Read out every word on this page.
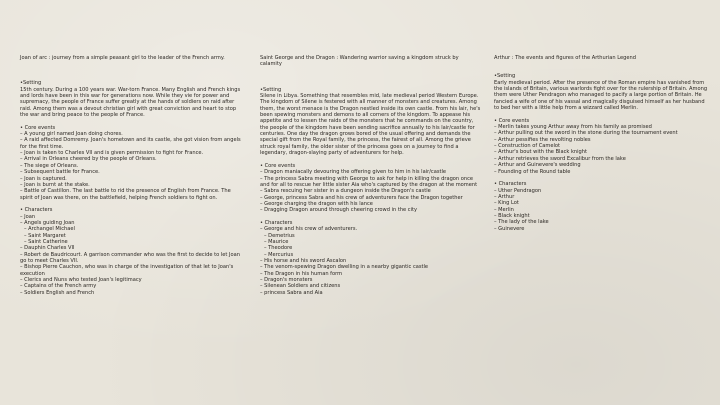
Joan of arc : journey from a simple peasant girl to the leader of the French army.
•Setting
15th century. During a 100 years war. War-torn France. Many English and French kings and lords have been in this war for generations now. While they vie for power and supremacy, the people of France suffer greatly at the hands of soldiers on raid after raid. Among them was a devout christian girl with great conviction and heart to stop the war and bring peace to the people of France.
• Core events
– A young girl named Joan doing chores.
– A raid affected Domremy. Joan's hometown and its castle, she got vision from angels for the first time.
– Joan is taken to Charles VII and is given permission to fight for France.
– Arrival in Orleans cheered by the people of Orleans.
– The siege of Orleans.
– Subsequent battle for France.
– Joan is captured.
– Joan is burnt at the stake.
– Battle of Castillon. The last battle to rid the presence of English from France. The spirit of Joan was there, on the battlefield, helping French soldiers to fight on.
• Characters
– Joan
– Angels guiding Joan
– Archangel Michael
– Saint Margaret
– Saint Catherine
– Dauphin Charles VII
– Robert de Baudricourt. A garrison commander who was the first to decide to let Joan go to meet Charles VII.
– Bishop Pierre Cauchon, who was in charge of the investigation of that let to Joan's execution
– Clerics and Nuns who tested Joan's legitimacy
– Captains of the French army
– Soldiers English and French
Saint George and the Dragon : Wandering warrior saving a kingdom struck by calamity
•Setting
Silene in Libya. Something that resembles mid, late medieval period Western Europe. The kingdom of Silene is festered with all manner of monsters and creatures. Among them, the worst menace is the Dragon nestled inside its own castle. From his lair, he's been spewing monsters and demons to all corners of the kingdom. To appease his appetite and to lessen the raids of the monsters that he commands on the country, the people of the kingdom have been sending sacrifice annually to his lair/castle for centuries. One day the dragon grows bored of the usual offering and demands the special gift from the Royal family, the princess, the fairest of all. Among the grieve struck royal family, the older sister of the princess goes on a journey to find a legendary, dragon-slaying party of adventurers for help.
• Core events
– Dragon maniacally devouring the offering given to him in his lair/castle
– The princess Sabra meeting with George to ask for help in killing the dragon once and for all to rescue her little sister Aia who's captured by the dragon at the moment
– Sabra rescuing her sister in a dungeon inside the Dragon's castle
– George, princess Sabra and his crew of adventurers face the Dragon together
– George charging the dragon with his lance
– Dragging Dragon around through cheering crowd in the city
• Characters
– George and his crew of adventurers.
– Demetrius
– Maurice
– Theodore
– Mercurius
– His horse and his sword Ascalon
– The venom-spewing Dragon dwelling in a nearby gigantic castle
– The Dragon in his human form
– Dragon's monsters
– Silenean Soldiers and citizens
– princess Sabra and Aia
Arthur : The events and figures of the Arthurian Legend
•Setting
Early medieval period. After the presence of the Roman empire has vanished from the islands of Britain, various warlords fight over for the rulership of Britain. Among them were Uther Pendragon who managed to pacify a large portion of Britain. He fancied a wife of one of his vassal and magically disguised himself as her husband to bed her with a little help from a wizzard called Merlin.
• Core events
– Merlin takes young Arthur away from his family as promised
– Arthur pulling out the sword in the stone during the tournament event
– Arthur pessifies the revolting nobles
– Construction of Camelot
– Arthur's bout with the Black knight
– Arthur retrieves the sword Excalibur from the lake
– Arthur and Guinevere's wedding
– Founding of the Round table
• Characters
– Uther Pendragon
– Arthur
– King Lot
– Merlin
– Black knight
– The lady of the lake
– Guinevere
